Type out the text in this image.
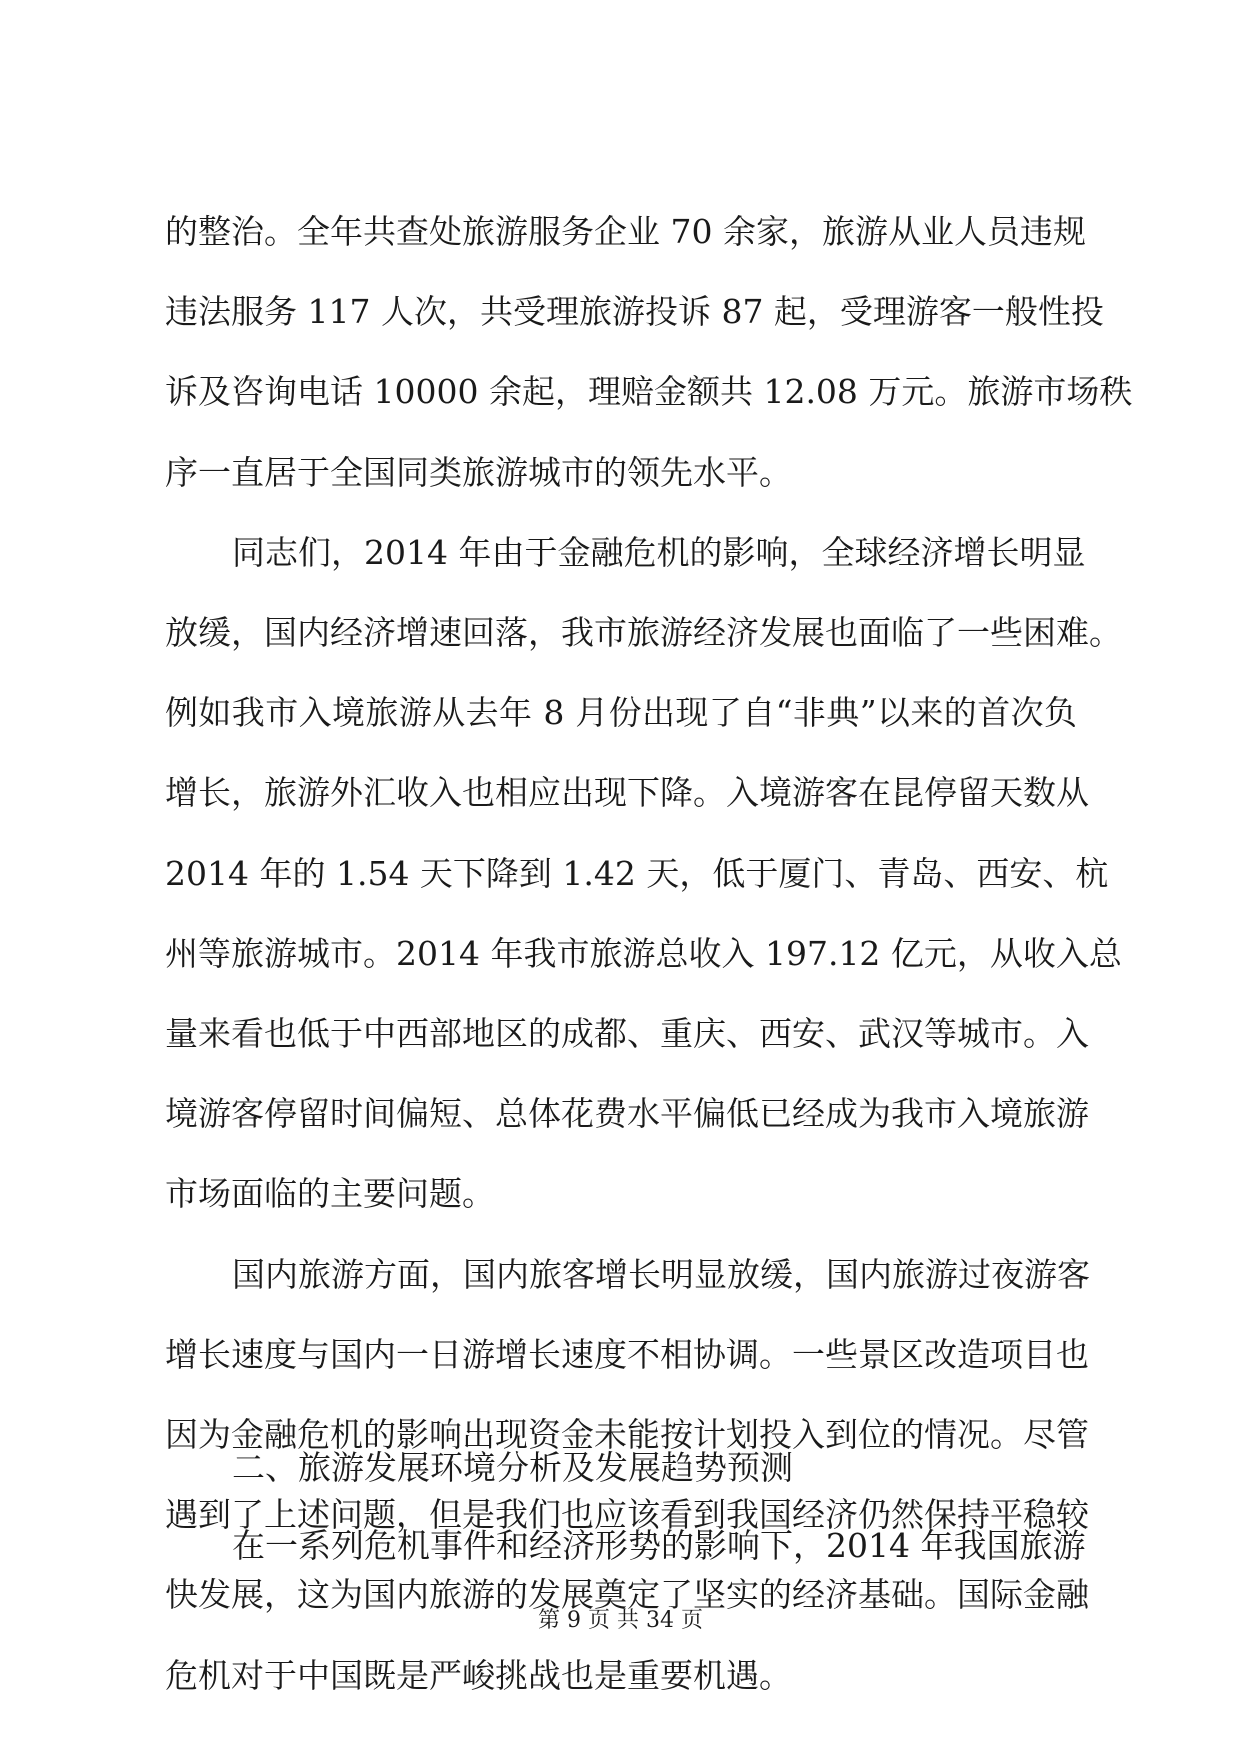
的整治。全年共查处旅游服务企业 70 余家，旅游从业人员违规
违法服务 117 人次，共受理旅游投诉 87 起，受理游客一般性投
诉及咨询电话 10000 余起，理赔金额共 12.08 万元。旅游市场秩
序一直居于全国同类旅游城市的领先水平。
同志们，2014 年由于金融危机的影响，全球经济增长明显
放缓，国内经济增速回落，我市旅游经济发展也面临了一些困难。
例如我市入境旅游从去年 8 月份出现了自“非典”以来的首次负
增长，旅游外汇收入也相应出现下降。入境游客在昆停留天数从
2014 年的 1.54 天下降到 1.42 天，低于厦门、青岛、西安、杭
州等旅游城市。2014 年我市旅游总收入 197.12 亿元，从收入总
量来看也低于中西部地区的成都、重庆、西安、武汉等城市。入
境游客停留时间偏短、总体花费水平偏低已经成为我市入境旅游
市场面临的主要问题。
国内旅游方面，国内旅客增长明显放缓，国内旅游过夜游客
增长速度与国内一日游增长速度不相协调。一些景区改造项目也
因为金融危机的影响出现资金未能按计划投入到位的情况。尽管
遇到了上述问题，但是我们也应该看到我国经济仍然保持平稳较
快发展，这为国内旅游的发展奠定了坚实的经济基础。国际金融
危机对于中国既是严峻挑战也是重要机遇。
二、旅游发展环境分析及发展趋势预测
在一系列危机事件和经济形势的影响下，2014 年我国旅游
第 9 页 共 34 页
